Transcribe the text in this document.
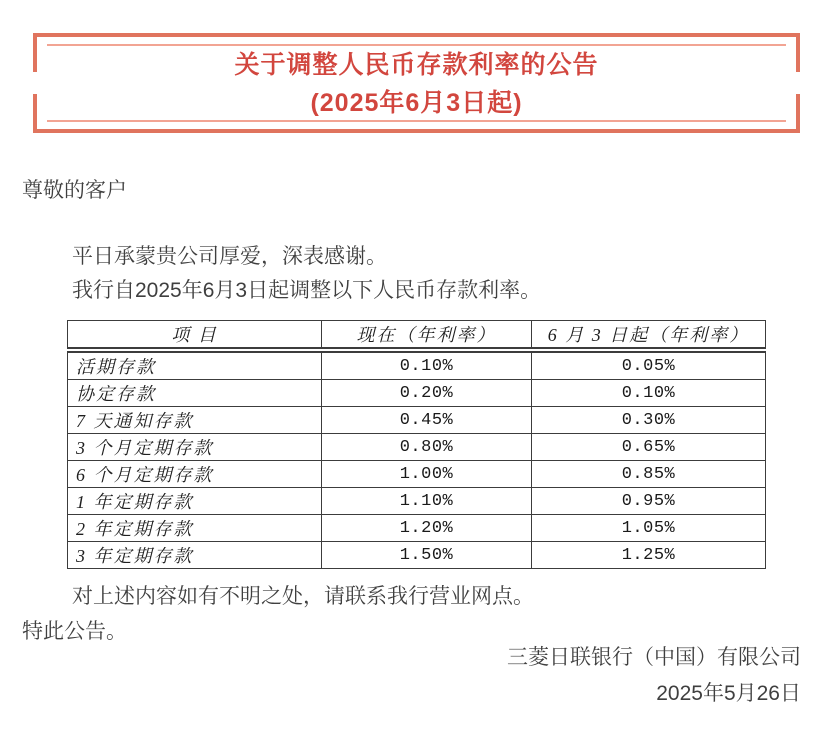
关于调整人民币存款利率的公告
(2025年6月3日起)

尊敬的客户

平日承蒙贵公司厚爱，深表感谢。

我行自2025年6月3日起调整以下人民币存款利率。

项 目	现在（年利率）	6 月 3 日起（年利率）
活期存款	0.10%	0.05%
协定存款	0.20%	0.10%
7 天通知存款	0.45%	0.30%
3 个月定期存款	0.80%	0.65%
6 个月定期存款	1.00%	0.85%
1 年定期存款	1.10%	0.95%
2 年定期存款	1.20%	1.05%
3 年定期存款	1.50%	1.25%

对上述内容如有不明之处，请联系我行营业网点。

特此公告。

三菱日联银行（中国）有限公司

2025年5月26日
